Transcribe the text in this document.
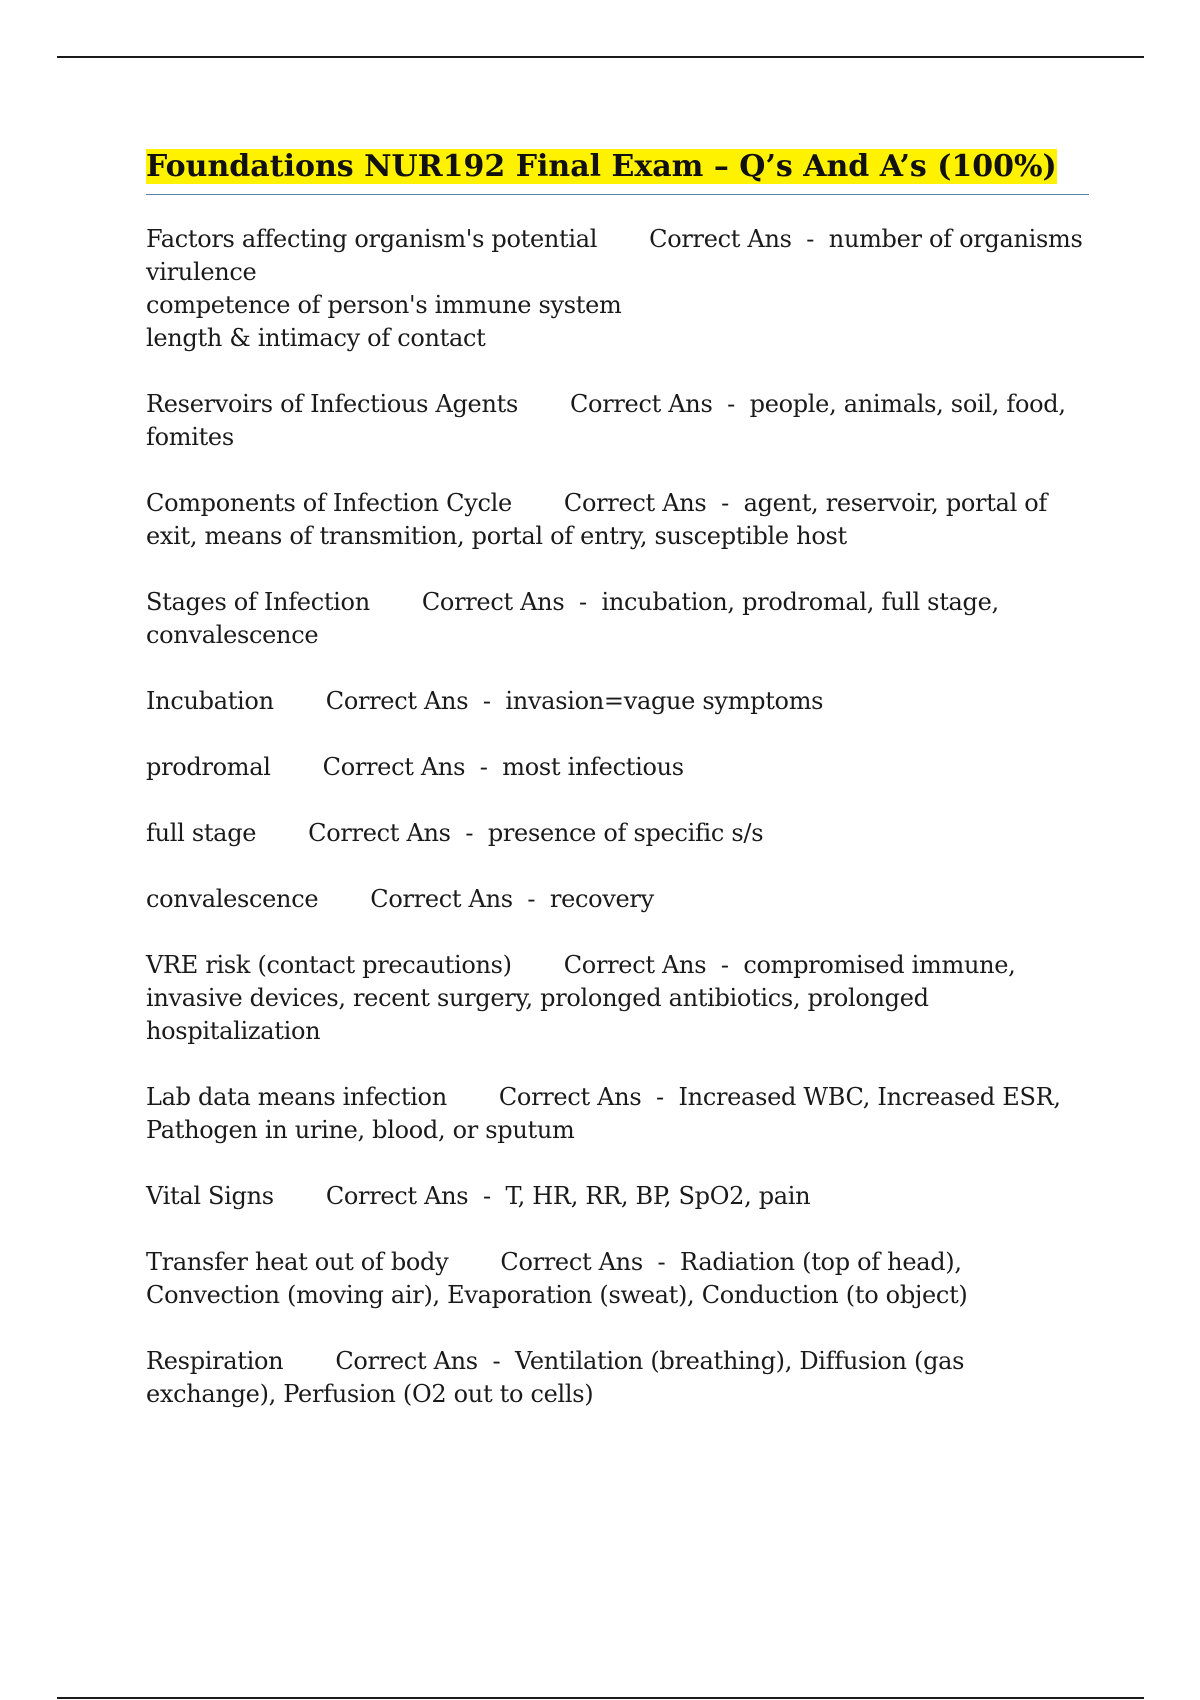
Foundations NUR192 Final Exam – Q’s And A’s (100%)
Factors affecting organism's potential Correct Ans - number of organisms
virulence
competence of person's immune system
length & intimacy of contact
Reservoirs of Infectious Agents Correct Ans - people, animals, soil, food, fomites
Components of Infection Cycle Correct Ans - agent, reservoir, portal of exit, means of transmition, portal of entry, susceptible host
Stages of Infection Correct Ans - incubation, prodromal, full stage, convalescence
Incubation Correct Ans - invasion=vague symptoms
prodromal Correct Ans - most infectious
full stage Correct Ans - presence of specific s/s
convalescence Correct Ans - recovery
VRE risk (contact precautions) Correct Ans - compromised immune, invasive devices, recent surgery, prolonged antibiotics, prolonged hospitalization
Lab data means infection Correct Ans - Increased WBC, Increased ESR, Pathogen in urine, blood, or sputum
Vital Signs Correct Ans - T, HR, RR, BP, SpO2, pain
Transfer heat out of body Correct Ans - Radiation (top of head), Convection (moving air), Evaporation (sweat), Conduction (to object)
Respiration Correct Ans - Ventilation (breathing), Diffusion (gas exchange), Perfusion (O2 out to cells)
